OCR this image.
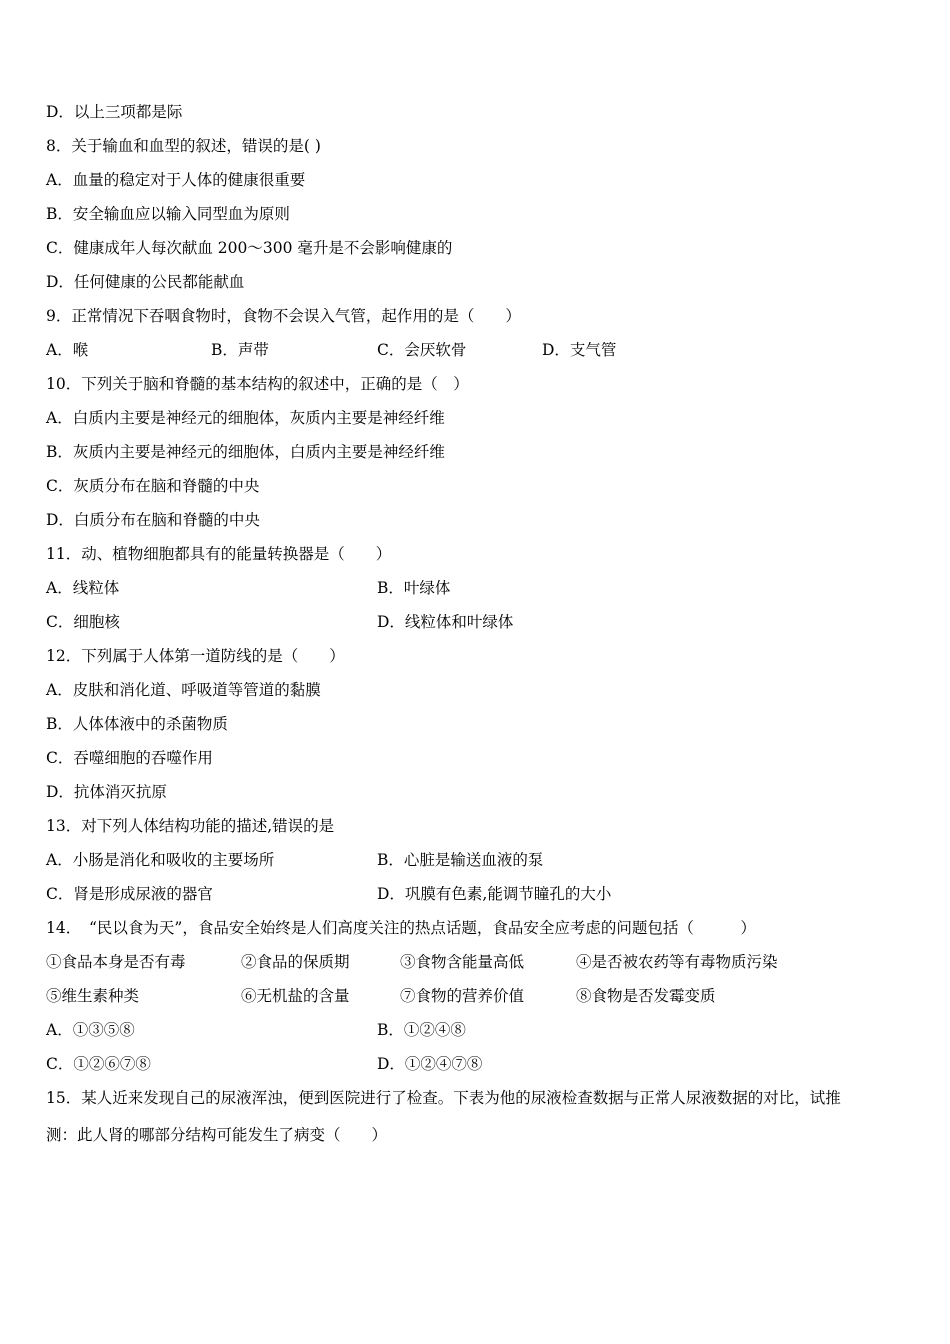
D．以上三项都是际
8．关于输血和血型的叙述，错误的是( )
A．血量的稳定对于人体的健康很重要
B．安全输血应以输入同型血为原则
C．健康成年人每次献血 200～300 毫升是不会影响健康的
D．任何健康的公民都能献血
9．正常情况下吞咽食物时，食物不会误入气管，起作用的是（　　）
A．喉	B．声带	C．会厌软骨	D．支气管
10．下列关于脑和脊髓的基本结构的叙述中，正确的是（　）
A．白质内主要是神经元的细胞体，灰质内主要是神经纤维
B．灰质内主要是神经元的细胞体，白质内主要是神经纤维
C．灰质分布在脑和脊髓的中央
D．白质分布在脑和脊髓的中央
11．动、植物细胞都具有的能量转换器是（　　）
A．线粒体	B．叶绿体
C．细胞核	D．线粒体和叶绿体
12．下列属于人体第一道防线的是（　　）
A．皮肤和消化道、呼吸道等管道的黏膜
B．人体体液中的杀菌物质
C．吞噬细胞的吞噬作用
D．抗体消灭抗原
13．对下列人体结构功能的描述,错误的是
A．小肠是消化和吸收的主要场所	B．心脏是输送血液的泵
C．肾是形成尿液的器官	D．巩膜有色素,能调节瞳孔的大小
14．　“民以食为天”，食品安全始终是人们高度关注的热点话题，食品安全应考虑的问题包括（　　　）
①食品本身是否有毒	②食品的保质期	③食物含能量高低	④是否被农药等有毒物质污染
⑤维生素种类	⑥无机盐的含量	⑦食物的营养价值	⑧食物是否发霉变质
A．①③⑤⑧	B．①②④⑧
C．①②⑥⑦⑧	D．①②④⑦⑧
15．某人近来发现自己的尿液浑浊，便到医院进行了检查。下表为他的尿液检查数据与正常人尿液数据的对比，试推
测：此人肾的哪部分结构可能发生了病变（　　）
